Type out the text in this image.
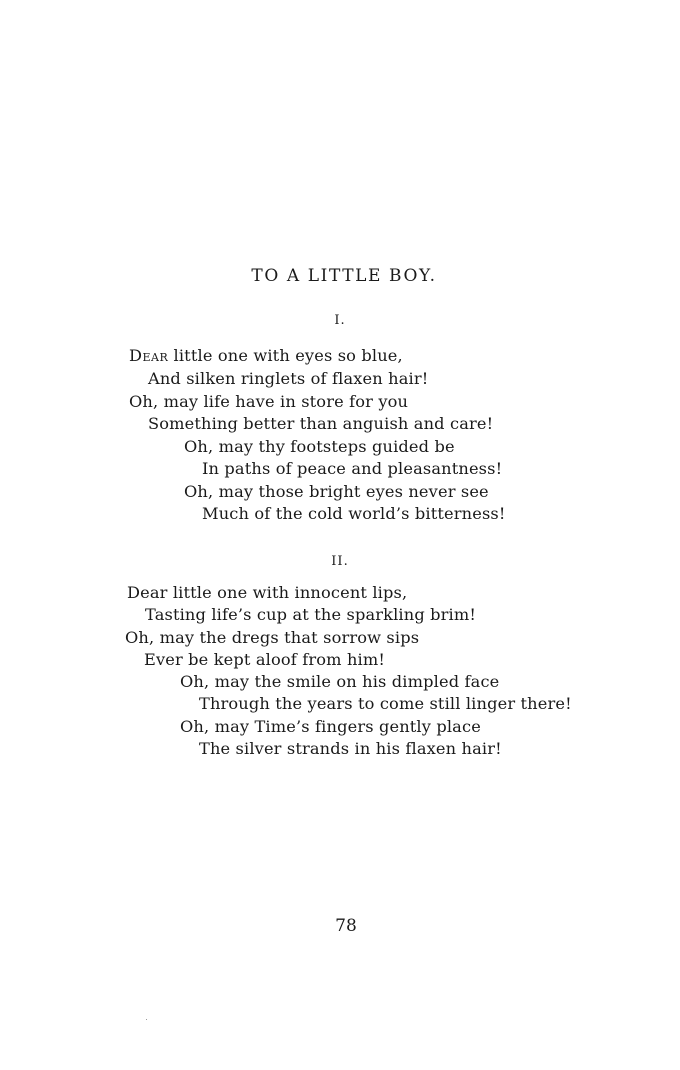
TO A LITTLE BOY.
I.
Dear little one with eyes so blue,
And silken ringlets of flaxen hair!
Oh, may life have in store for you
Something better than anguish and care!
Oh, may thy footsteps guided be
In paths of peace and pleasantness!
Oh, may those bright eyes never see
Much of the cold world’s bitterness!
II.
Dear little one with innocent lips,
Tasting life’s cup at the sparkling brim!
Oh, may the dregs that sorrow sips
Ever be kept aloof from him!
Oh, may the smile on his dimpled face
Through the years to come still linger there!
Oh, may Time’s fingers gently place
The silver strands in his flaxen hair!
78
